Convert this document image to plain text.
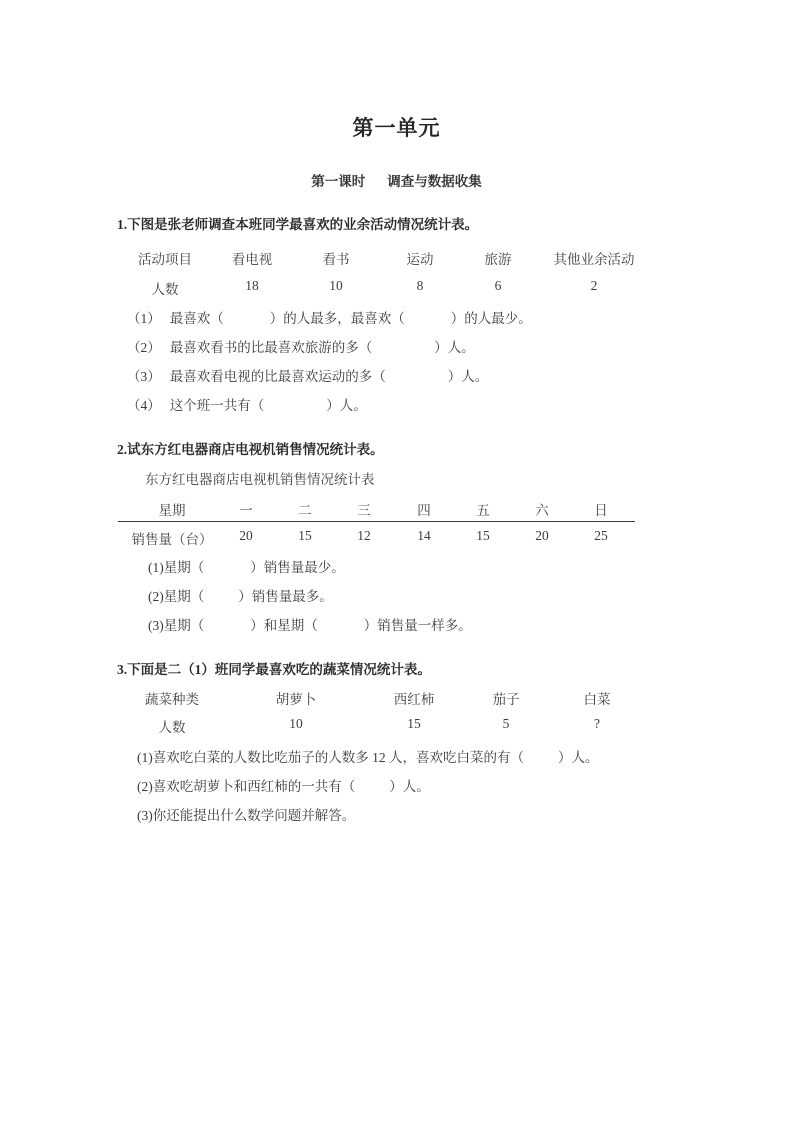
第一单元
第一课时 调查与数据收集
1.下图是张老师调查本班同学最喜欢的业余活动情况统计表。
活动项目	看电视	看书	运动	旅游	其他业余活动
人数	18	10	8	6	2
（1） 最喜欢（	）的人最多，最喜欢（	）的人最少。
（2） 最喜欢看书的比最喜欢旅游的多（	）人。
（3） 最喜欢看电视的比最喜欢运动的多（	）人。
（4） 这个班一共有（	）人。
2.试东方红电器商店电视机销售情况统计表。
东方红电器商店电视机销售情况统计表
星期	一	二	三	四	五	六	日
销售量（台） 20	15	12	14	15	20	25
(1)星期（	）销售量最少。
(2)星期（	）销售量最多。
(3)星期（	）和星期（	）销售量一样多。
3.下面是二（1）班同学最喜欢吃的蔬菜情况统计表。
蔬菜种类	胡萝卜	西红柿	茄子	白菜
人数	10	15	5	?
(1)喜欢吃白菜的人数比吃茄子的人数多 12 人，喜欢吃白菜的有（	）人。
(2)喜欢吃胡萝卜和西红柿的一共有（	）人。
(3)你还能提出什么数学问题并解答。
